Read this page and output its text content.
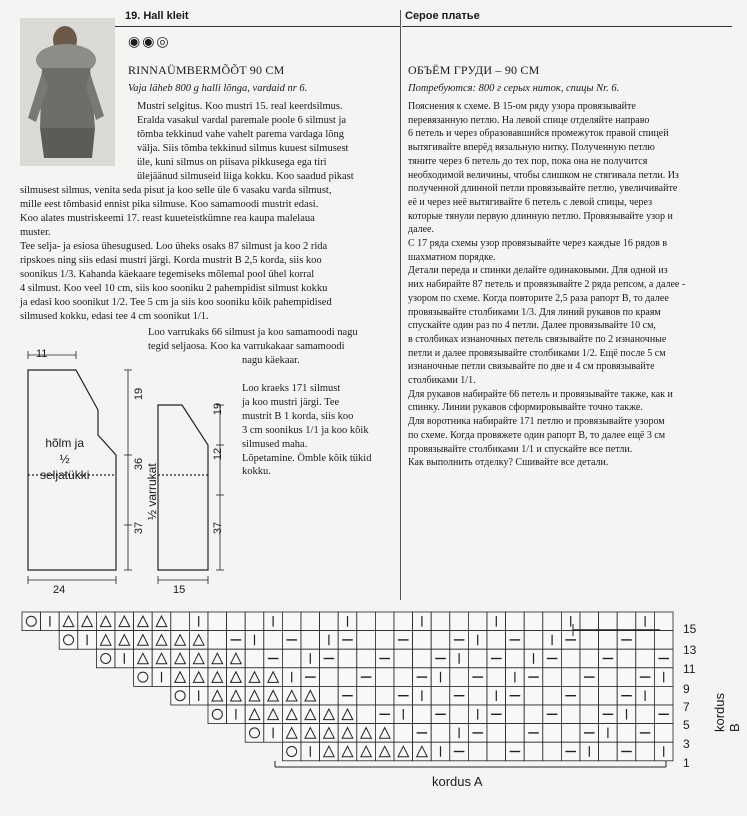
19. Hall kleit	Серое платье
◉◉◎
RINNAÜMBERMÕÕT 90 CM
Vaja läheb 800 g halli lõnga, vardaid nr 6.

Mustri selgitus. Koo mustri 15. real keerdsilmus.

Eralda vasakul vardal paremale poole 6 silmust ja

tõmba tekkinud vahe vahelt parema vardaga lõng

välja. Siis tõmba tekkinud silmus kuuest silmusest

üle, kuni silmus on piisava pikkusega ega tiri

ülejäänud silmuseid liiga kokku. Koo saadud pikast

silmusest silmus, venita seda pisut ja koo selle üle 6 vasaku varda silmust,

mille eest tõmbasid ennist pika silmuse. Koo samamoodi mustrit edasi.

Koo alates mustriskeemi 17. reast kuueteistkümne rea kaupa malelaua

muster.

Tee selja- ja esiosa ühesugused. Loo üheks osaks 87 silmust ja koo 2 rida

ripskoes ning siis edasi mustri järgi. Korda mustrit B 2,5 korda, siis koo

soonikus 1/3. Kahanda käekaare tegemiseks mõlemal pool ühel korral

4 silmust. Koo veel 10 cm, siis koo sooniku 2 pahempidist silmust kokku

ja edasi koo soonikut 1/2. Tee 5 cm ja siis koo sooniku kõik pahempidised

silmused kokku, edasi tee 4 cm soonikut 1/1.

Loo varrukaks 66 silmust ja koo samamoodi nagu

tegid seljaosa. Koo ka varrukakaar samamoodi

nagu käekaar.

Loo kraeks 171 silmust

ja koo mustri järgi. Tee

mustrit B 1 korda, siis koo

3 cm soonikus 1/1 ja koo kõik

silmused maha.

Lõpetamine. Ömble kõik tükid

kokku.

11
19
36
37
24
19
12
37
15
hõlm ja
½
seljatükki	½ varrukat
ОБЪЁМ ГРУДИ – 90 СМ
Потребуются: 800 г серых ниток, спицы Nr. 6.

Пояснения к схеме. В 15-ом ряду узора провязывайте

перевязанную петлю. На левой спице отделяйте направо

6 петель и через образовавшийся промежуток правой спицей

вытягивайте вперёд вязальную нитку. Полученную петлю

тяните через 6 петель до тех пор, пока она не получится

необходимой величины, чтобы слишком не стягивала петли. Из

полученной длинной петли провязывайте петлю, увеличивайте

её и через неё вытягивайте 6 петель с левой спицы, через

которые тянули первую длинную петлю. Провязывайте узор и

далее.

С 17 ряда схемы узор провязывайте через каждые 16 рядов в

шахматном порядке.

Детали переда и спинки делайте одинаковыми. Для одной из

них набирайте 87 петель и провязывайте 2 ряда репсом, а далее -

узором по схеме. Когда повторите 2,5 раза рапорт В, то далее

провязывайте столбиками 1/3. Для линий рукавов по краям

спускайте один раз по 4 петли. Далее провязывайте 10 см,

в столбиках изнаночных петель связывайте по 2 изнаночные

петли и далее провязывайте столбиками 1/2. Ещё после 5 см

изнаночные петли связывайте по две и 4 см провязывайте

столбиками 1/1.

Для рукавов набирайте 66 петель и провязывайте также, как и

спинку. Линии рукавов сформировывайте точно также.

Для воротника набирайте 171 петлю и провязывайте узором

по схеме. Когда провяжете один рапорт В, то далее ещё 3 см

провязывайте столбиками 1/1 и спускайте все петли.

Как выполнить отделку? Сшивайте все детали.

15
13
11
9
7
5
3
1
kordus A
kordus B
